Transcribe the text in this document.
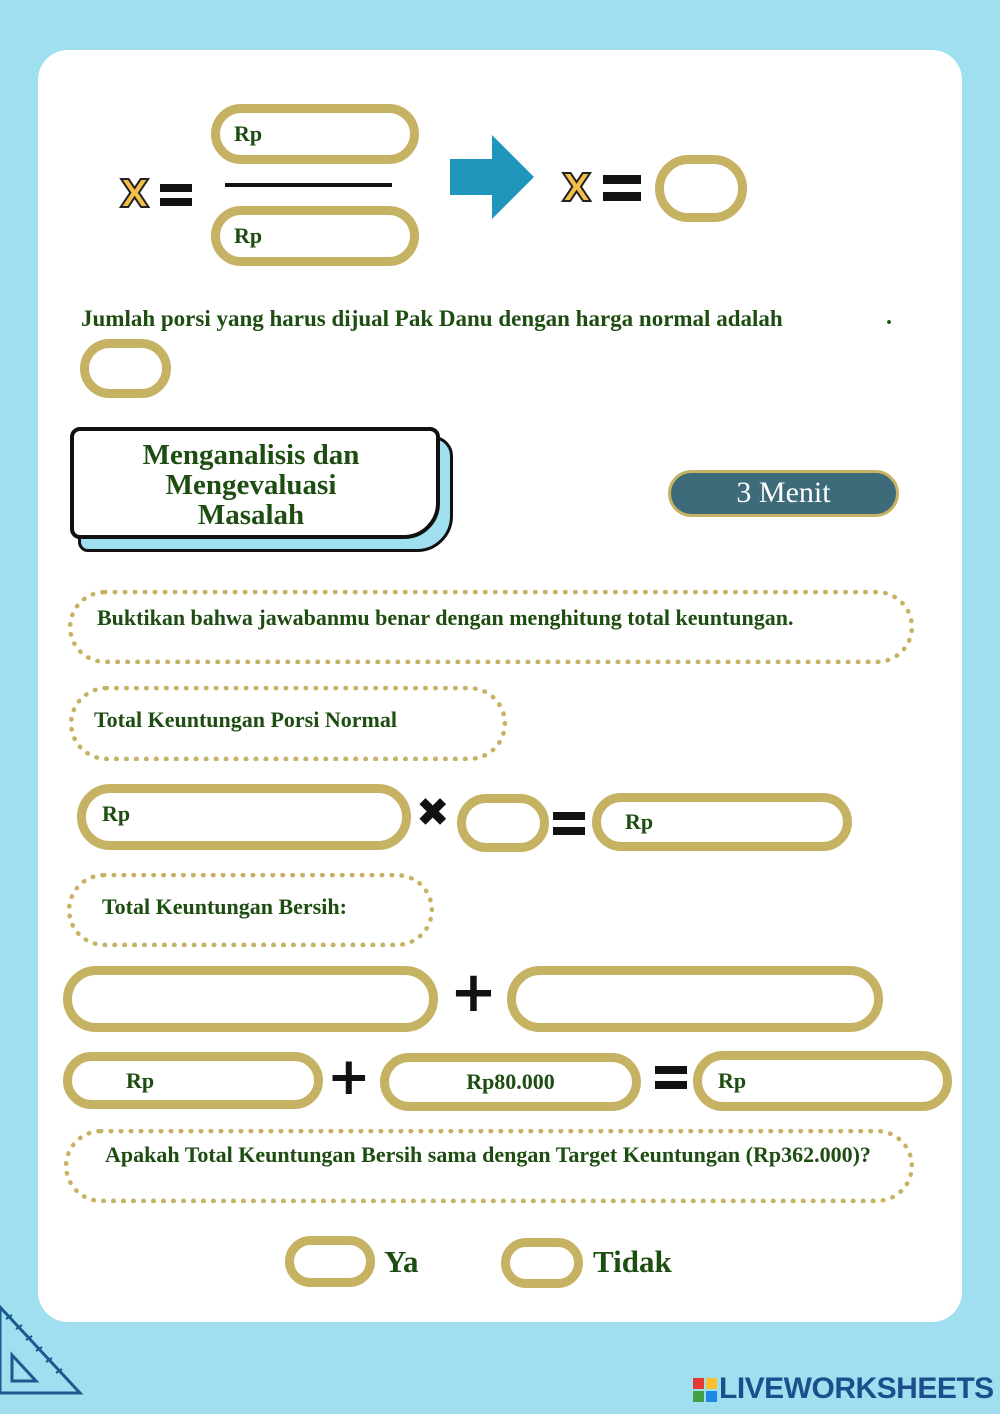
X
Rp
Rp
X
Jumlah porsi yang harus dijual Pak Danu dengan harga normal adalah	.
Menganalisis dan
Mengevaluasi
Masalah
3 Menit
Buktikan bahwa jawabanmu benar dengan menghitung total keuntungan.
Total Keuntungan Porsi Normal
Rp	✖	Rp
Total Keuntungan Bersih:
+
Rp	+	Rp80.000	Rp
Apakah Total Keuntungan Bersih sama dengan Target Keuntungan (Rp362.000)?
Ya	Tidak
LIVEWORKSHEETS
